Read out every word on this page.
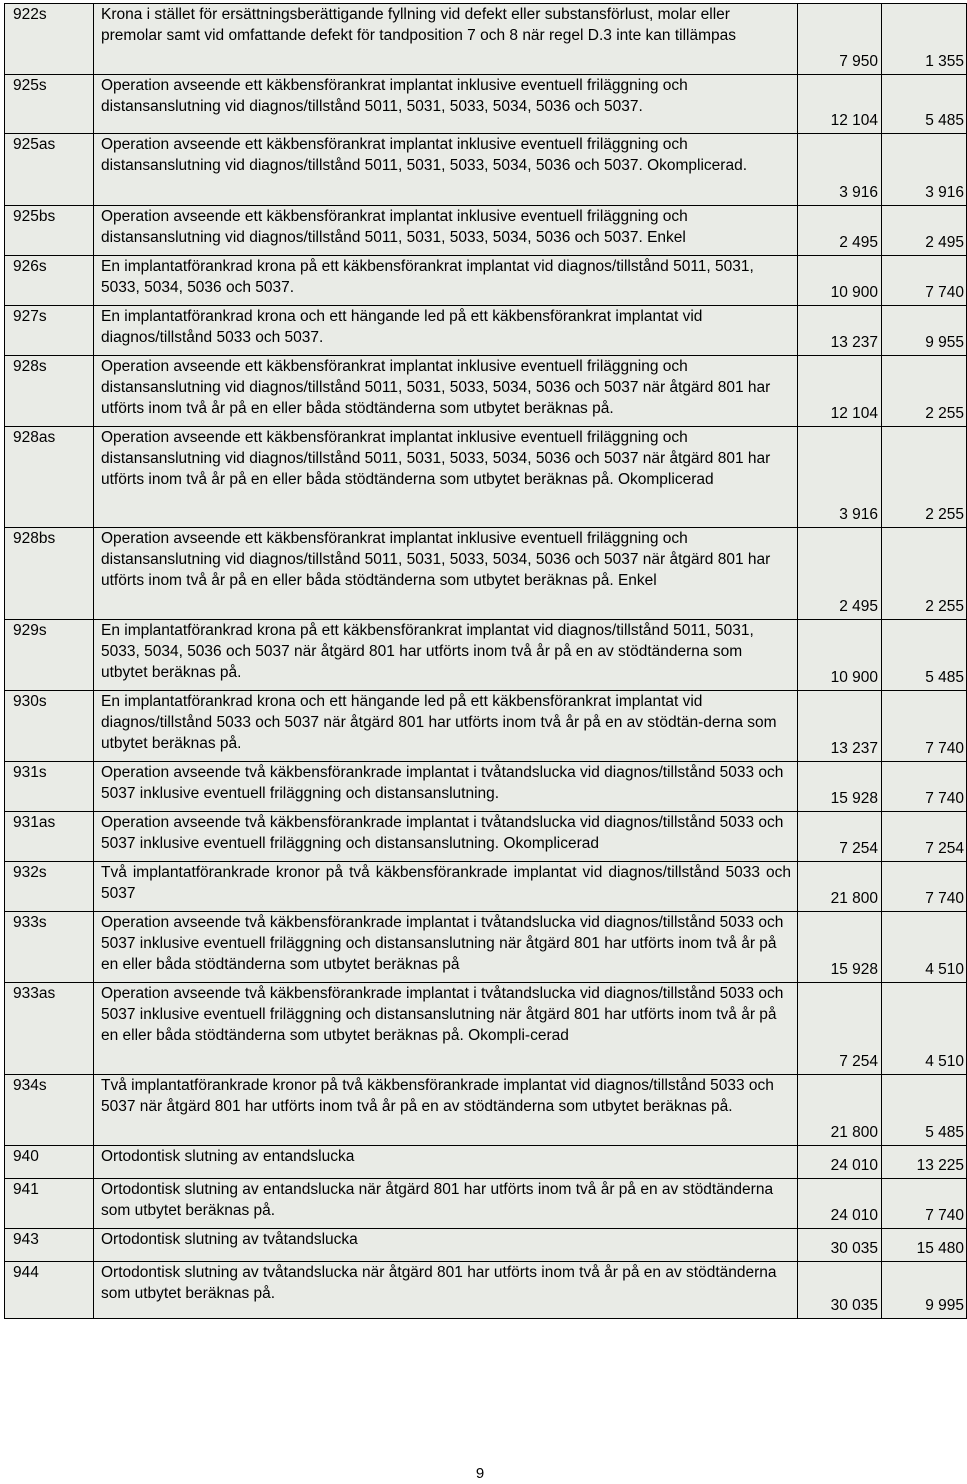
922s	Krona i stället för ersättningsberättigande fyllning vid defekt eller substansförlust, molar eller premolar samt vid omfattande defekt för tandposition 7 och 8 när regel D.3 inte kan tillämpas	7 950	1 355
925s	Operation avseende ett käkbensförankrat implantat inklusive eventuell friläggning och distansanslutning vid diagnos/tillstånd 5011, 5031, 5033, 5034, 5036 och 5037.	12 104	5 485
925as	Operation avseende ett käkbensförankrat implantat inklusive eventuell friläggning och distansanslutning vid diagnos/tillstånd 5011, 5031, 5033, 5034, 5036 och 5037. Okomplicerad.	3 916	3 916
925bs	Operation avseende ett käkbensförankrat implantat inklusive eventuell friläggning och distansanslutning vid diagnos/tillstånd 5011, 5031, 5033, 5034, 5036 och 5037. Enkel	2 495	2 495
926s	En implantatförankrad krona på ett käkbensförankrat implantat vid diagnos/tillstånd 5011, 5031, 5033, 5034, 5036 och 5037.	10 900	7 740
927s	En implantatförankrad krona och ett hängande led på ett käkbensförankrat implantat vid diagnos/tillstånd 5033 och 5037.	13 237	9 955
928s	Operation avseende ett käkbensförankrat implantat inklusive eventuell friläggning och distansanslutning vid diagnos/tillstånd 5011, 5031, 5033, 5034, 5036 och 5037 när åtgärd 801 har utförts inom två år på en eller båda stödtänderna som utbytet beräknas på.	12 104	2 255
928as	Operation avseende ett käkbensförankrat implantat inklusive eventuell friläggning och distansanslutning vid diagnos/tillstånd 5011, 5031, 5033, 5034, 5036 och 5037 när åtgärd 801 har utförts inom två år på en eller båda stödtänderna som utbytet beräknas på. Okomplicerad	3 916	2 255
928bs	Operation avseende ett käkbensförankrat implantat inklusive eventuell friläggning och distansanslutning vid diagnos/tillstånd 5011, 5031, 5033, 5034, 5036 och 5037 när åtgärd 801 har utförts inom två år på en eller båda stödtänderna som utbytet beräknas på. Enkel	2 495	2 255
929s	En implantatförankrad krona på ett käkbensförankrat implantat vid diagnos/tillstånd 5011, 5031, 5033, 5034, 5036 och 5037 när åtgärd 801 har utförts inom två år på en av stödtänderna som utbytet beräknas på.	10 900	5 485
930s	En implantatförankrad krona och ett hängande led på ett käkbensförankrat implantat vid diagnos/tillstånd 5033 och 5037 när åtgärd 801 har utförts inom två år på en av stödtän-derna som utbytet beräknas på.	13 237	7 740
931s	Operation avseende två käkbensförankrade implantat i tvåtandslucka vid diagnos/tillstånd 5033 och 5037 inklusive eventuell friläggning och distansanslutning.	15 928	7 740
931as	Operation avseende två käkbensförankrade implantat i tvåtandslucka vid diagnos/tillstånd 5033 och 5037 inklusive eventuell friläggning och distansanslutning. Okomplicerad	7 254	7 254
932s	Två implantatförankrade kronor på två käkbensförankrade implantat vid diagnos/tillstånd 5033 och 5037	21 800	7 740
933s	Operation avseende två käkbensförankrade implantat i tvåtandslucka vid diagnos/tillstånd 5033 och 5037 inklusive eventuell friläggning och distansanslutning när åtgärd 801 har utförts inom två år på en eller båda stödtänderna som utbytet beräknas på	15 928	4 510
933as	Operation avseende två käkbensförankrade implantat i tvåtandslucka vid diagnos/tillstånd 5033 och 5037 inklusive eventuell friläggning och distansanslutning när åtgärd 801 har utförts inom två år på en eller båda stödtänderna som utbytet beräknas på. Okompli-cerad	7 254	4 510
934s	Två implantatförankrade kronor på två käkbensförankrade implantat vid diagnos/tillstånd 5033 och 5037 när åtgärd 801 har utförts inom två år på en av stödtänderna som utbytet beräknas på.	21 800	5 485
940	Ortodontisk slutning av entandslucka	24 010	13 225
941	Ortodontisk slutning av entandslucka när åtgärd 801 har utförts inom två år på en av stödtänderna som utbytet beräknas på.	24 010	7 740
943	Ortodontisk slutning av tvåtandslucka	30 035	15 480
944	Ortodontisk slutning av tvåtandslucka när åtgärd 801 har utförts inom två år på en av stödtänderna som utbytet beräknas på.	30 035	9 995
9
